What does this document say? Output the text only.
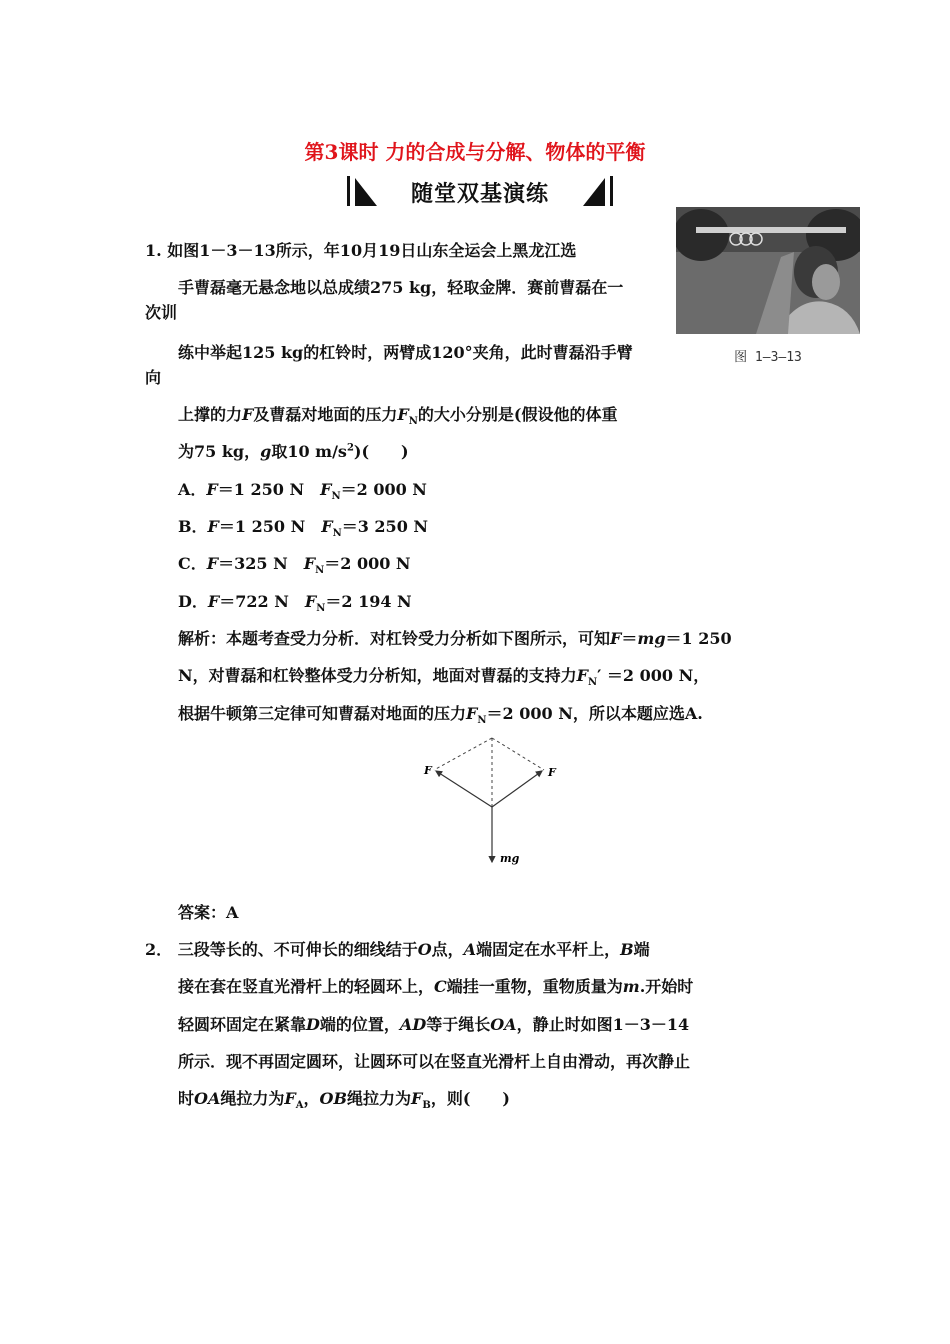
第3课时 力的合成与分解、物体的平衡
随堂双基演练
图 1—3—13
1. 如图1－3－13所示，年10月19日山东全运会上黑龙江选
手曹磊毫无悬念地以总成绩275 kg，轻取金牌．赛前曹磊在一
次训
练中举起125 kg的杠铃时，两臂成120°夹角，此时曹磊沿手臂
向
上撑的力F及曹磊对地面的压力$F_N$的大小分别是(假设他的体重
为75 kg，g取10 $m/s^2$)(　　)
A．F＝1 250 N　 $F_N=2$ 000 N
B．F＝1 250 N　 $F_N=3$ 250 N
C．F＝325 N　 $F_N=2$ 000 N
D．F＝722 N　 $F_N=2$ 194 N
解析：本题考查受力分析．对杠铃受力分析如下图所示，可知F＝mg＝1 250
N，对曹磊和杠铃整体受力分析知，地面对曹磊的支持力$F_N' =2$ 000 N，
根据牛顿第三定律可知曹磊对地面的压力$F_N=2$ 000 N，所以本题应选A.
F	F
mg
答案：A
2． 三段等长的、不可伸长的细线结于O点，A端固定在水平杆上，B端
接在套在竖直光滑杆上的轻圆环上，C端挂一重物，重物质量为m.开始时
轻圆环固定在紧靠D端的位置，AD等于绳长OA，静止时如图1－3－14
所示．现不再固定圆环，让圆环可以在竖直光滑杆上自由滑动，再次静止
时OA绳拉力为$F_A$，OB绳拉力为$F_B$，则(　　)
